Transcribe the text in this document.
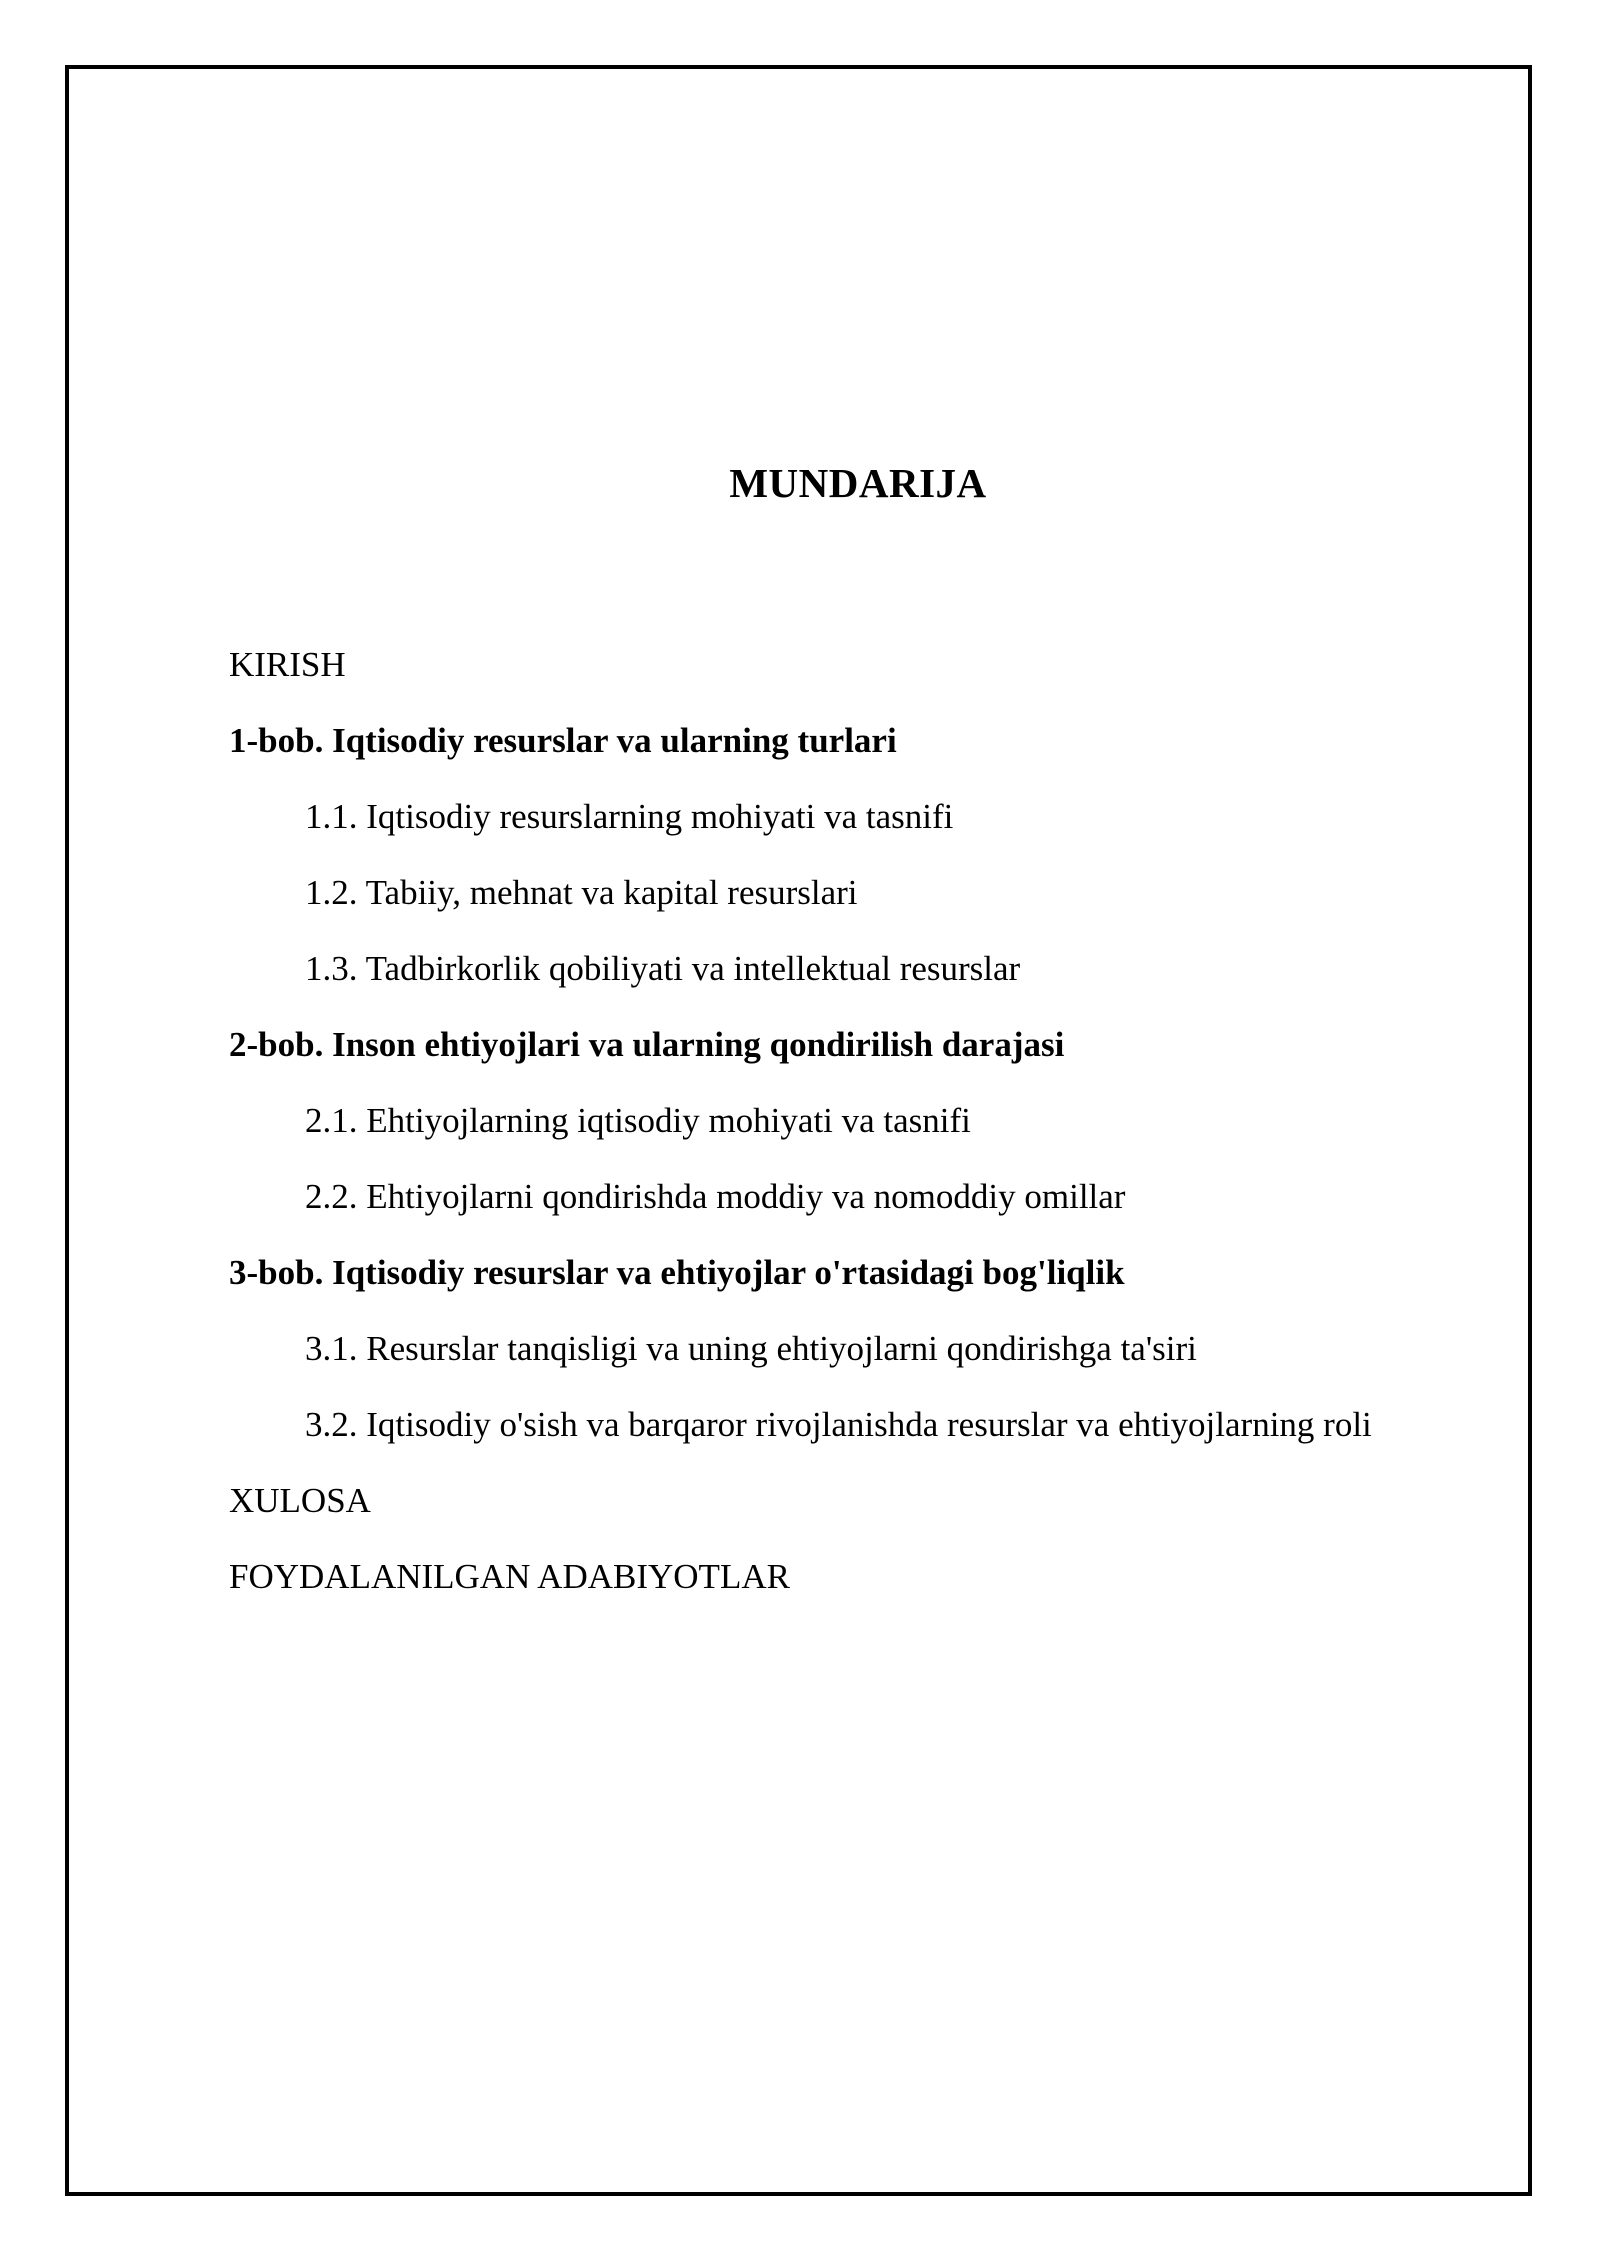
MUNDARIJA
KIRISH
1-bob. Iqtisodiy resurslar va ularning turlari
1.1. Iqtisodiy resurslarning mohiyati va tasnifi
1.2. Tabiiy, mehnat va kapital resurslari
1.3. Tadbirkorlik qobiliyati va intellektual resurslar
2-bob. Inson ehtiyojlari va ularning qondirilish darajasi
2.1. Ehtiyojlarning iqtisodiy mohiyati va tasnifi
2.2. Ehtiyojlarni qondirishda moddiy va nomoddiy omillar
3-bob. Iqtisodiy resurslar va ehtiyojlar o'rtasidagi bog'liqlik
3.1. Resurslar tanqisligi va uning ehtiyojlarni qondirishga ta'siri
3.2. Iqtisodiy o'sish va barqaror rivojlanishda resurslar va ehtiyojlarning roli
XULOSA
FOYDALANILGAN ADABIYOTLAR
